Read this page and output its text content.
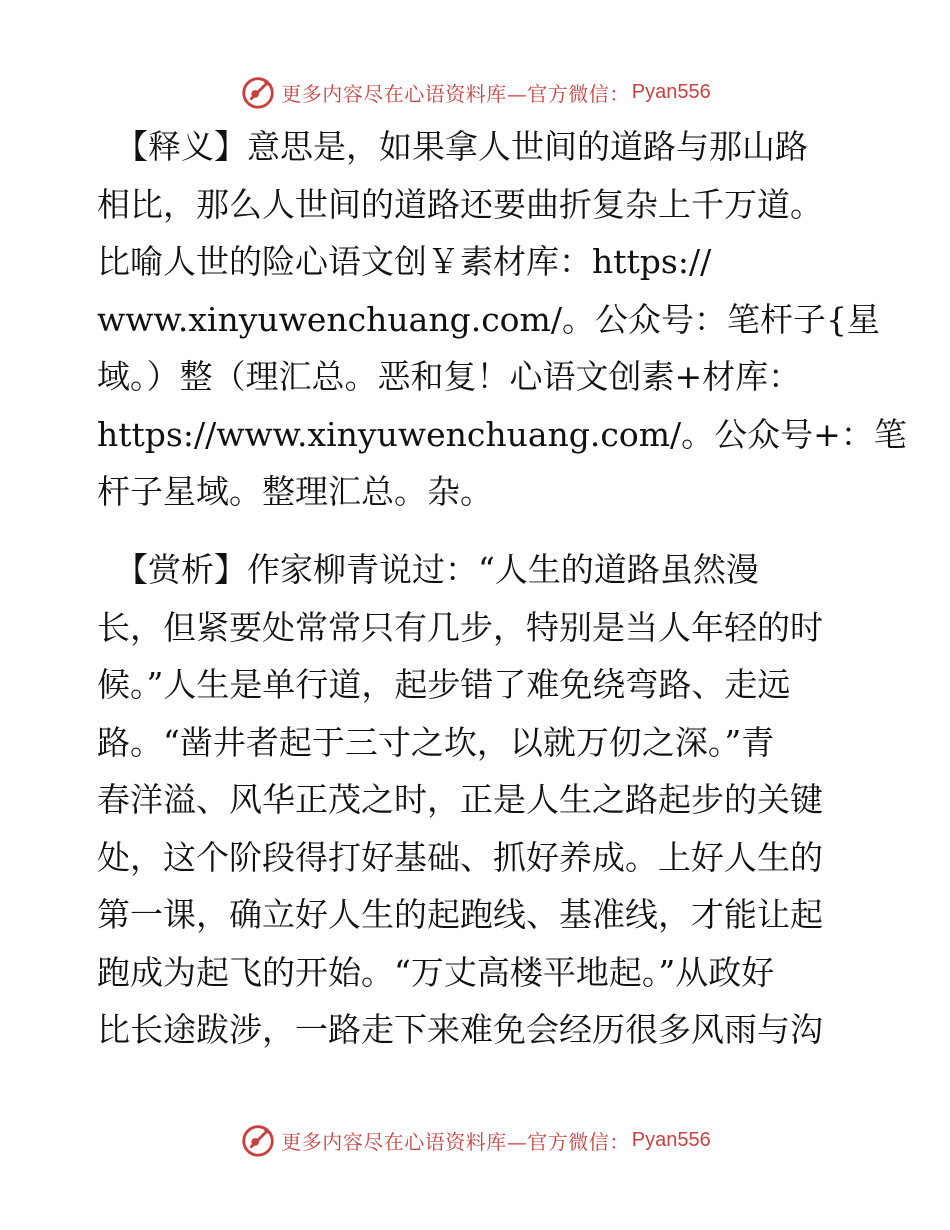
更多内容尽在心语资料库—官方微信： Pyan556
【释义】意思是，如果拿人世间的道路与那山路
相比，那么人世间的道路还要曲折复杂上千万道。
比喻人世的险心语文创￥素材库：https://
www.xinyuwenchuang.com/。公众号：笔杆子{星
域。）整（理汇总。恶和复！心语文创素+材库：
https://www.xinyuwenchuang.com/。公众号+：笔
杆子星域。整理汇总。杂。
【赏析】作家柳青说过：“人生的道路虽然漫
长，但紧要处常常只有几步，特别是当人年轻的时
候。”人生是单行道，起步错了难免绕弯路、走远
路。“凿井者起于三寸之坎，以就万仞之深。”青
春洋溢、风华正茂之时，正是人生之路起步的关键
处，这个阶段得打好基础、抓好养成。上好人生的
第一课，确立好人生的起跑线、基准线，才能让起
跑成为起飞的开始。“万丈高楼平地起。”从政好
比长途跋涉，一路走下来难免会经历很多风雨与沟
更多内容尽在心语资料库—官方微信： Pyan556
